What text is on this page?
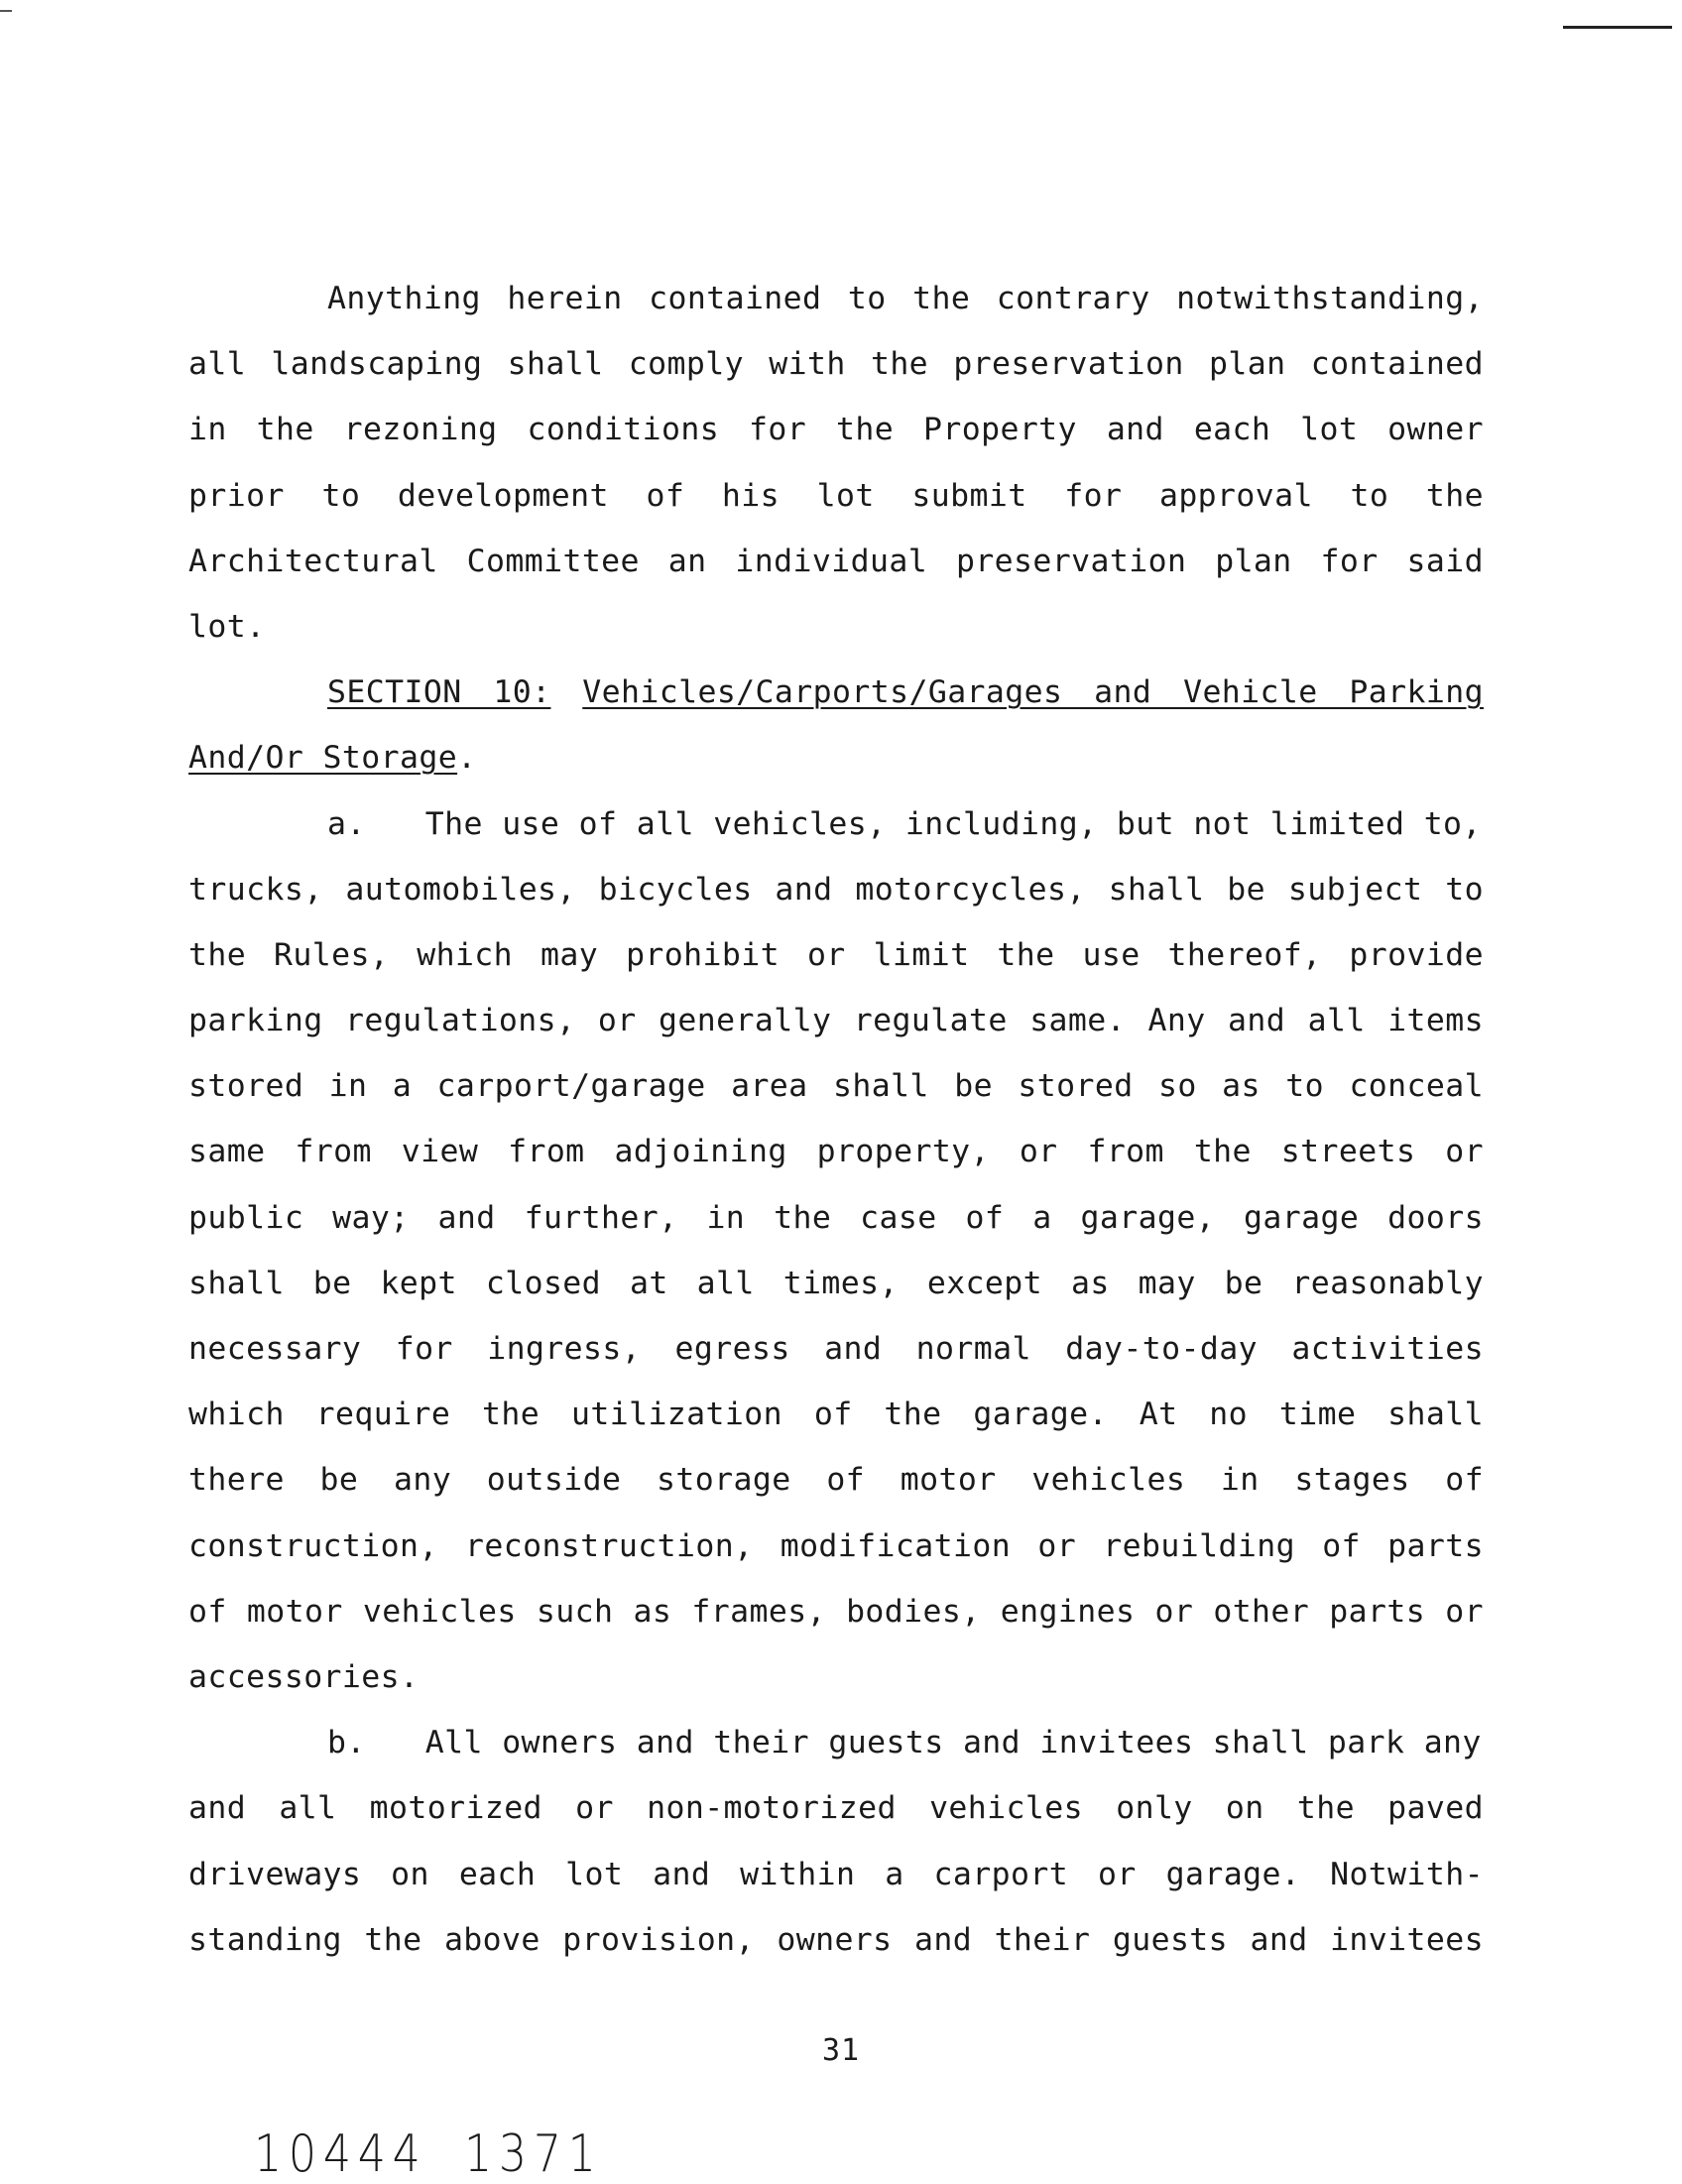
Anything herein contained to the contrary notwithstanding,
all landscaping shall comply with the preservation plan contained
in the rezoning conditions for the Property and each lot owner
prior to development of his lot submit for approval to the
Architectural Committee an individual preservation plan for said
lot.
SECTION 10: Vehicles/Carports/Garages and Vehicle Parking
And/Or Storage.
a. The use of all vehicles, including, but not limited to,
trucks, automobiles, bicycles and motorcycles, shall be subject to
the Rules, which may prohibit or limit the use thereof, provide
parking regulations, or generally regulate same. Any and all items
stored in a carport/garage area shall be stored so as to conceal
same from view from adjoining property, or from the streets or
public way; and further, in the case of a garage, garage doors
shall be kept closed at all times, except as may be reasonably
necessary for ingress, egress and normal day-to-day activities
which require the utilization of the garage. At no time shall
there be any outside storage of motor vehicles in stages of
construction, reconstruction, modification or rebuilding of parts
of motor vehicles such as frames, bodies, engines or other parts or
accessories.
b. All owners and their guests and invitees shall park any
and all motorized or non-motorized vehicles only on the paved
driveways on each lot and within a carport or garage. Notwith-
standing the above provision, owners and their guests and invitees
31
10444 1371
